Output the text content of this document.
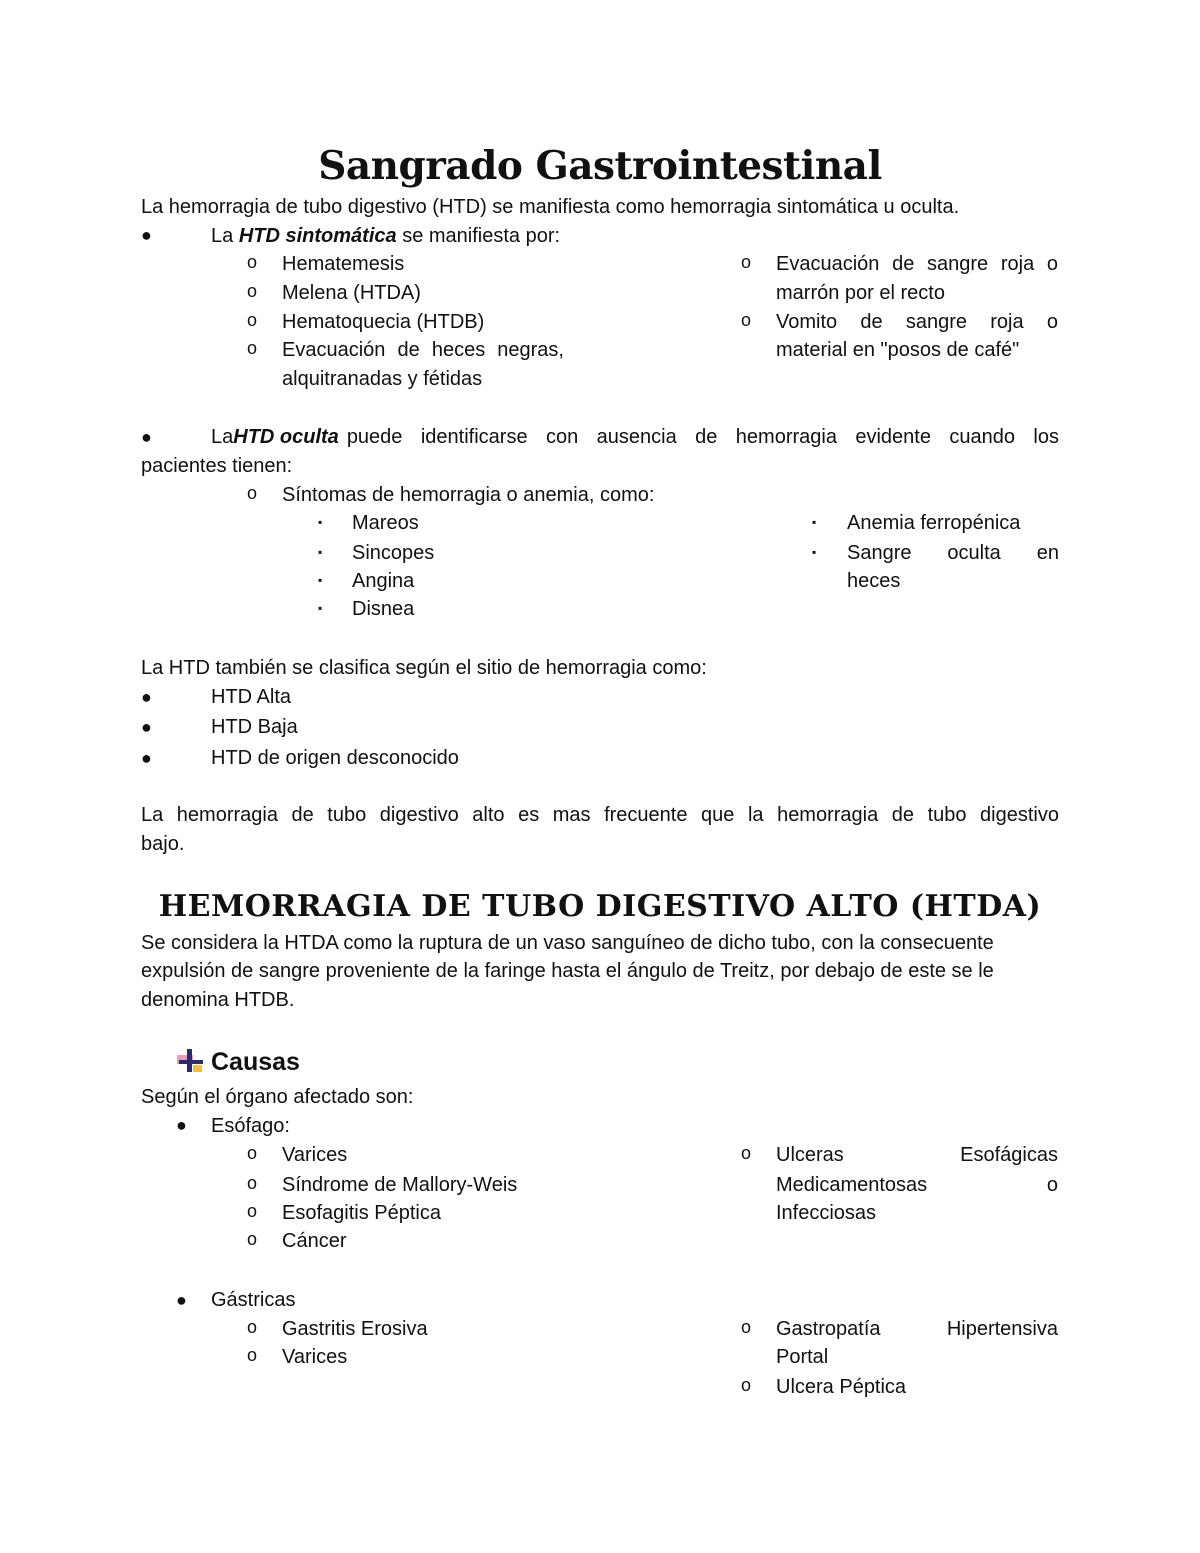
Sangrado Gastrointestinal
La hemorragia de tubo digestivo (HTD) se manifiesta como hemorragia sintomática u oculta.
●	La HTD sintomática se manifiesta por:
o Hematemesis
o Melena (HTDA)
o Hematoquecia (HTDB)
o Evacuación de heces negras,
alquitranadas y fétidas
o Evacuación de sangre roja o
marrón por el recto
o Vomito de sangre roja o
material en "posos de café"
●	La HTD oculta puede identificarse con ausencia de hemorragia evidente cuando los
pacientes tienen:
o Síntomas de hemorragia o anemia, como:
▪ Mareos
▪ Sincopes
▪ Angina
▪ Disnea
▪ Anemia ferropénica
▪ Sangre oculta en
heces
La HTD también se clasifica según el sitio de hemorragia como:
●	HTD Alta
●	HTD Baja
●	HTD de origen desconocido
La hemorragia de tubo digestivo alto es mas frecuente que la hemorragia de tubo digestivo
bajo.
HEMORRAGIA DE TUBO DIGESTIVO ALTO (HTDA)
Se considera la HTDA como la ruptura de un vaso sanguíneo de dicho tubo, con la consecuente
expulsión de sangre proveniente de la faringe hasta el ángulo de Treitz, por debajo de este se le
denomina HTDB.
Causas
Según el órgano afectado son:
● Esófago:
o Varices
o Síndrome de Mallory-Weis
o Esofagitis Péptica
o Cáncer
o Ulceras Esofágicas
Medicamentosas o
Infecciosas
● Gástricas
o Gastritis Erosiva
o Varices
o Gastropatía Hipertensiva
Portal
o Ulcera Péptica
